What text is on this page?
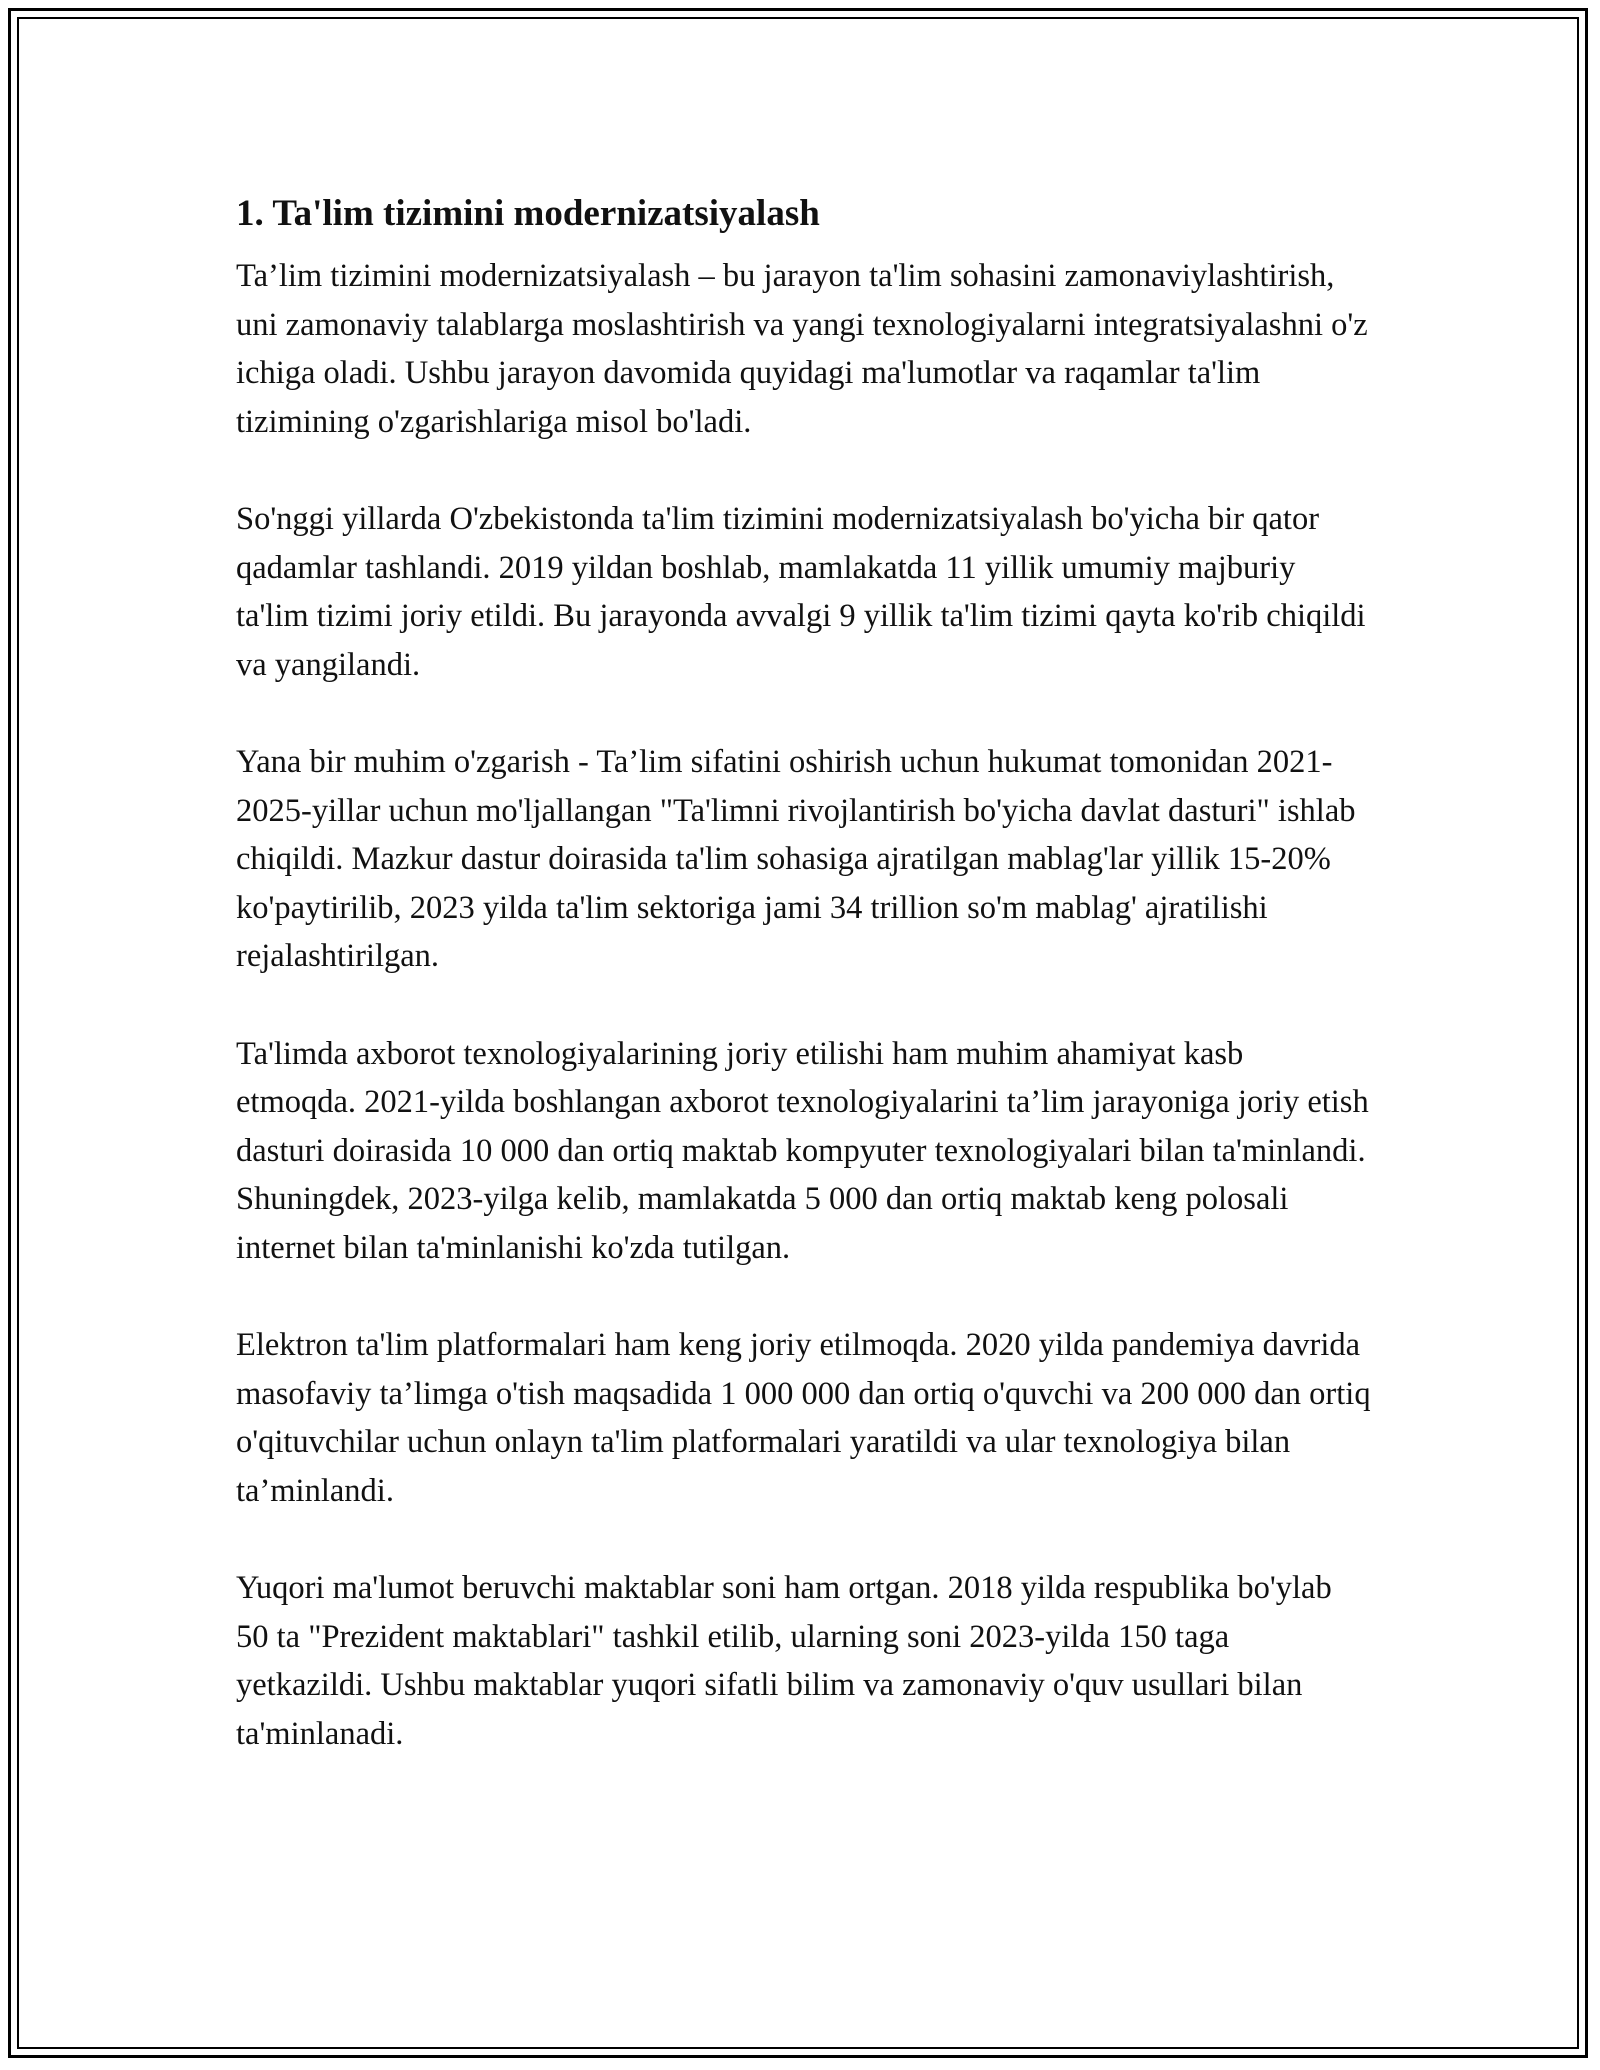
1. Ta'lim tizimini modernizatsiyalash

Ta’lim tizimini modernizatsiyalash – bu jarayon ta'lim sohasini zamonaviylashtirish, uni zamonaviy talablarga moslashtirish va yangi texnologiyalarni integratsiyalashni o'z ichiga oladi. Ushbu jarayon davomida quyidagi ma'lumotlar va raqamlar ta'lim tizimining o'zgarishlariga misol bo'ladi.

So'nggi yillarda O'zbekistonda ta'lim tizimini modernizatsiyalash bo'yicha bir qator qadamlar tashlandi. 2019 yildan boshlab, mamlakatda 11 yillik umumiy majburiy ta'lim tizimi joriy etildi. Bu jarayonda avvalgi 9 yillik ta'lim tizimi qayta ko'rib chiqildi va yangilandi.

Yana bir muhim o'zgarish - Ta’lim sifatini oshirish uchun hukumat tomonidan 2021-2025-yillar uchun mo'ljallangan "Ta'limni rivojlantirish bo'yicha davlat dasturi" ishlab chiqildi. Mazkur dastur doirasida ta'lim sohasiga ajratilgan mablag'lar yillik 15-20% ko'paytirilib, 2023 yilda ta'lim sektoriga jami 34 trillion so'm mablag' ajratilishi rejalashtirilgan.

Ta'limda axborot texnologiyalarining joriy etilishi ham muhim ahamiyat kasb etmoqda. 2021-yilda boshlangan axborot texnologiyalarini ta’lim jarayoniga joriy etish dasturi doirasida 10 000 dan ortiq maktab kompyuter texnologiyalari bilan ta'minlandi. Shuningdek, 2023-yilga kelib, mamlakatda 5 000 dan ortiq maktab keng polosali internet bilan ta'minlanishi ko'zda tutilgan.

Elektron ta'lim platformalari ham keng joriy etilmoqda. 2020 yilda pandemiya davrida masofaviy ta’limga o'tish maqsadida 1 000 000 dan ortiq o'quvchi va 200 000 dan ortiq o'qituvchilar uchun onlayn ta'lim platformalari yaratildi va ular texnologiya bilan ta’minlandi.

Yuqori ma'lumot beruvchi maktablar soni ham ortgan. 2018 yilda respublika bo'ylab 50 ta "Prezident maktablari" tashkil etilib, ularning soni 2023-yilda 150 taga yetkazildi. Ushbu maktablar yuqori sifatli bilim va zamonaviy o'quv usullari bilan ta'minlanadi.
